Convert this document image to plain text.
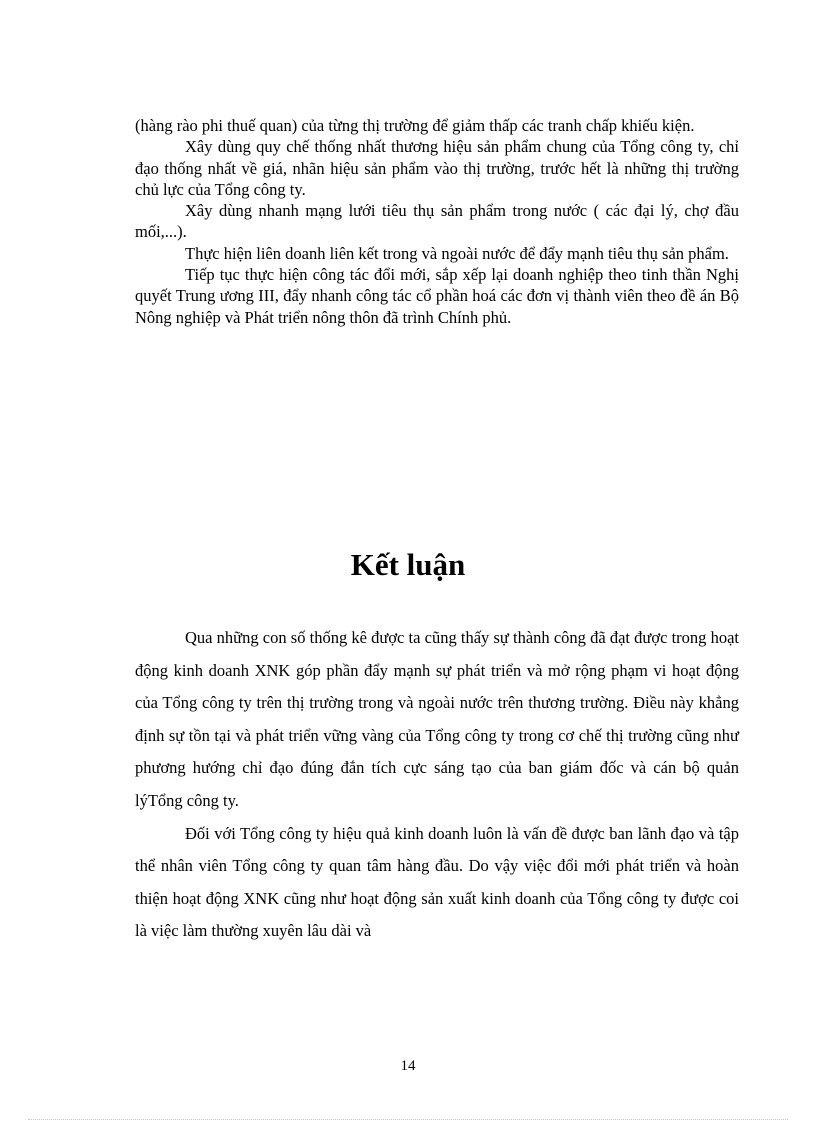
(hàng rào phi thuế quan) của từng thị trường để giảm thấp các tranh chấp khiếu kiện.

Xây dùng quy chế thống nhất thương hiệu sản phẩm chung của Tổng công ty, chỉ đạo thống nhất về giá, nhãn hiệu sản phẩm vào thị trường, trước hết là những thị trường chủ lực của Tổng công ty.

Xây dùng nhanh mạng lưới tiêu thụ sản phẩm trong nước ( các đại lý, chợ đầu mối,...).

Thực hiện liên doanh liên kết trong và ngoài nước để đẩy mạnh tiêu thụ sản phẩm.

Tiếp tục thực hiện công tác đổi mới, sắp xếp lại doanh nghiệp theo tinh thần Nghị quyết Trung ương III, đẩy nhanh công tác cổ phần hoá các đơn vị thành viên theo đề án Bộ Nông nghiệp và Phát triển nông thôn đã trình Chính phủ.

Kết luận

Qua những con số thống kê được ta cũng thấy sự thành công đã đạt được trong hoạt động kinh doanh XNK góp phần đẩy mạnh sự phát triển và mở rộng phạm vi hoạt động của Tổng công ty trên thị trường trong và ngoài nước trên thương trường. Điều này khẳng định sự tồn tại và phát triển vững vàng của Tổng công ty trong cơ chế thị trường cũng như phương hướng chỉ đạo đúng đắn tích cực sáng tạo của ban giám đốc và cán bộ quản lýTổng công ty.

Đối với Tổng công ty hiệu quả kinh doanh luôn là vấn đề được ban lãnh đạo và tập thể nhân viên Tổng công ty quan tâm hàng đầu. Do vậy việc đổi mới phát triển và hoàn thiện hoạt động XNK cũng như hoạt động sản xuất kinh doanh của Tổng công ty được coi là việc làm thường xuyên lâu dài và

14
